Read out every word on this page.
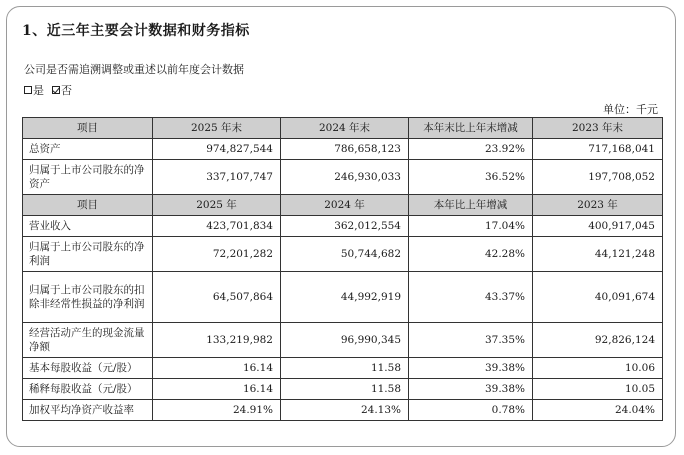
1、近三年主要会计数据和财务指标
公司是否需追溯调整或重述以前年度会计数据
是 否
单位：千元
项目	2025 年末	2024 年末	本年末比上年末增减	2023 年末
总资产	974,827,544	786,658,123	23.92%	717,168,041
归属于上市公司股东的净资产	337,107,747	246,930,033	36.52%	197,708,052
项目	2025 年	2024 年	本年比上年增减	2023 年
营业收入	423,701,834	362,012,554	17.04%	400,917,045
归属于上市公司股东的净利润	72,201,282	50,744,682	42.28%	44,121,248
归属于上市公司股东的扣除非经常性损益的净利润	64,507,864	44,992,919	43.37%	40,091,674
经营活动产生的现金流量净额	133,219,982	96,990,345	37.35%	92,826,124
基本每股收益（元/股）	16.14	11.58	39.38%	10.06
稀释每股收益（元/股）	16.14	11.58	39.38%	10.05
加权平均净资产收益率	24.91%	24.13%	0.78%	24.04%
